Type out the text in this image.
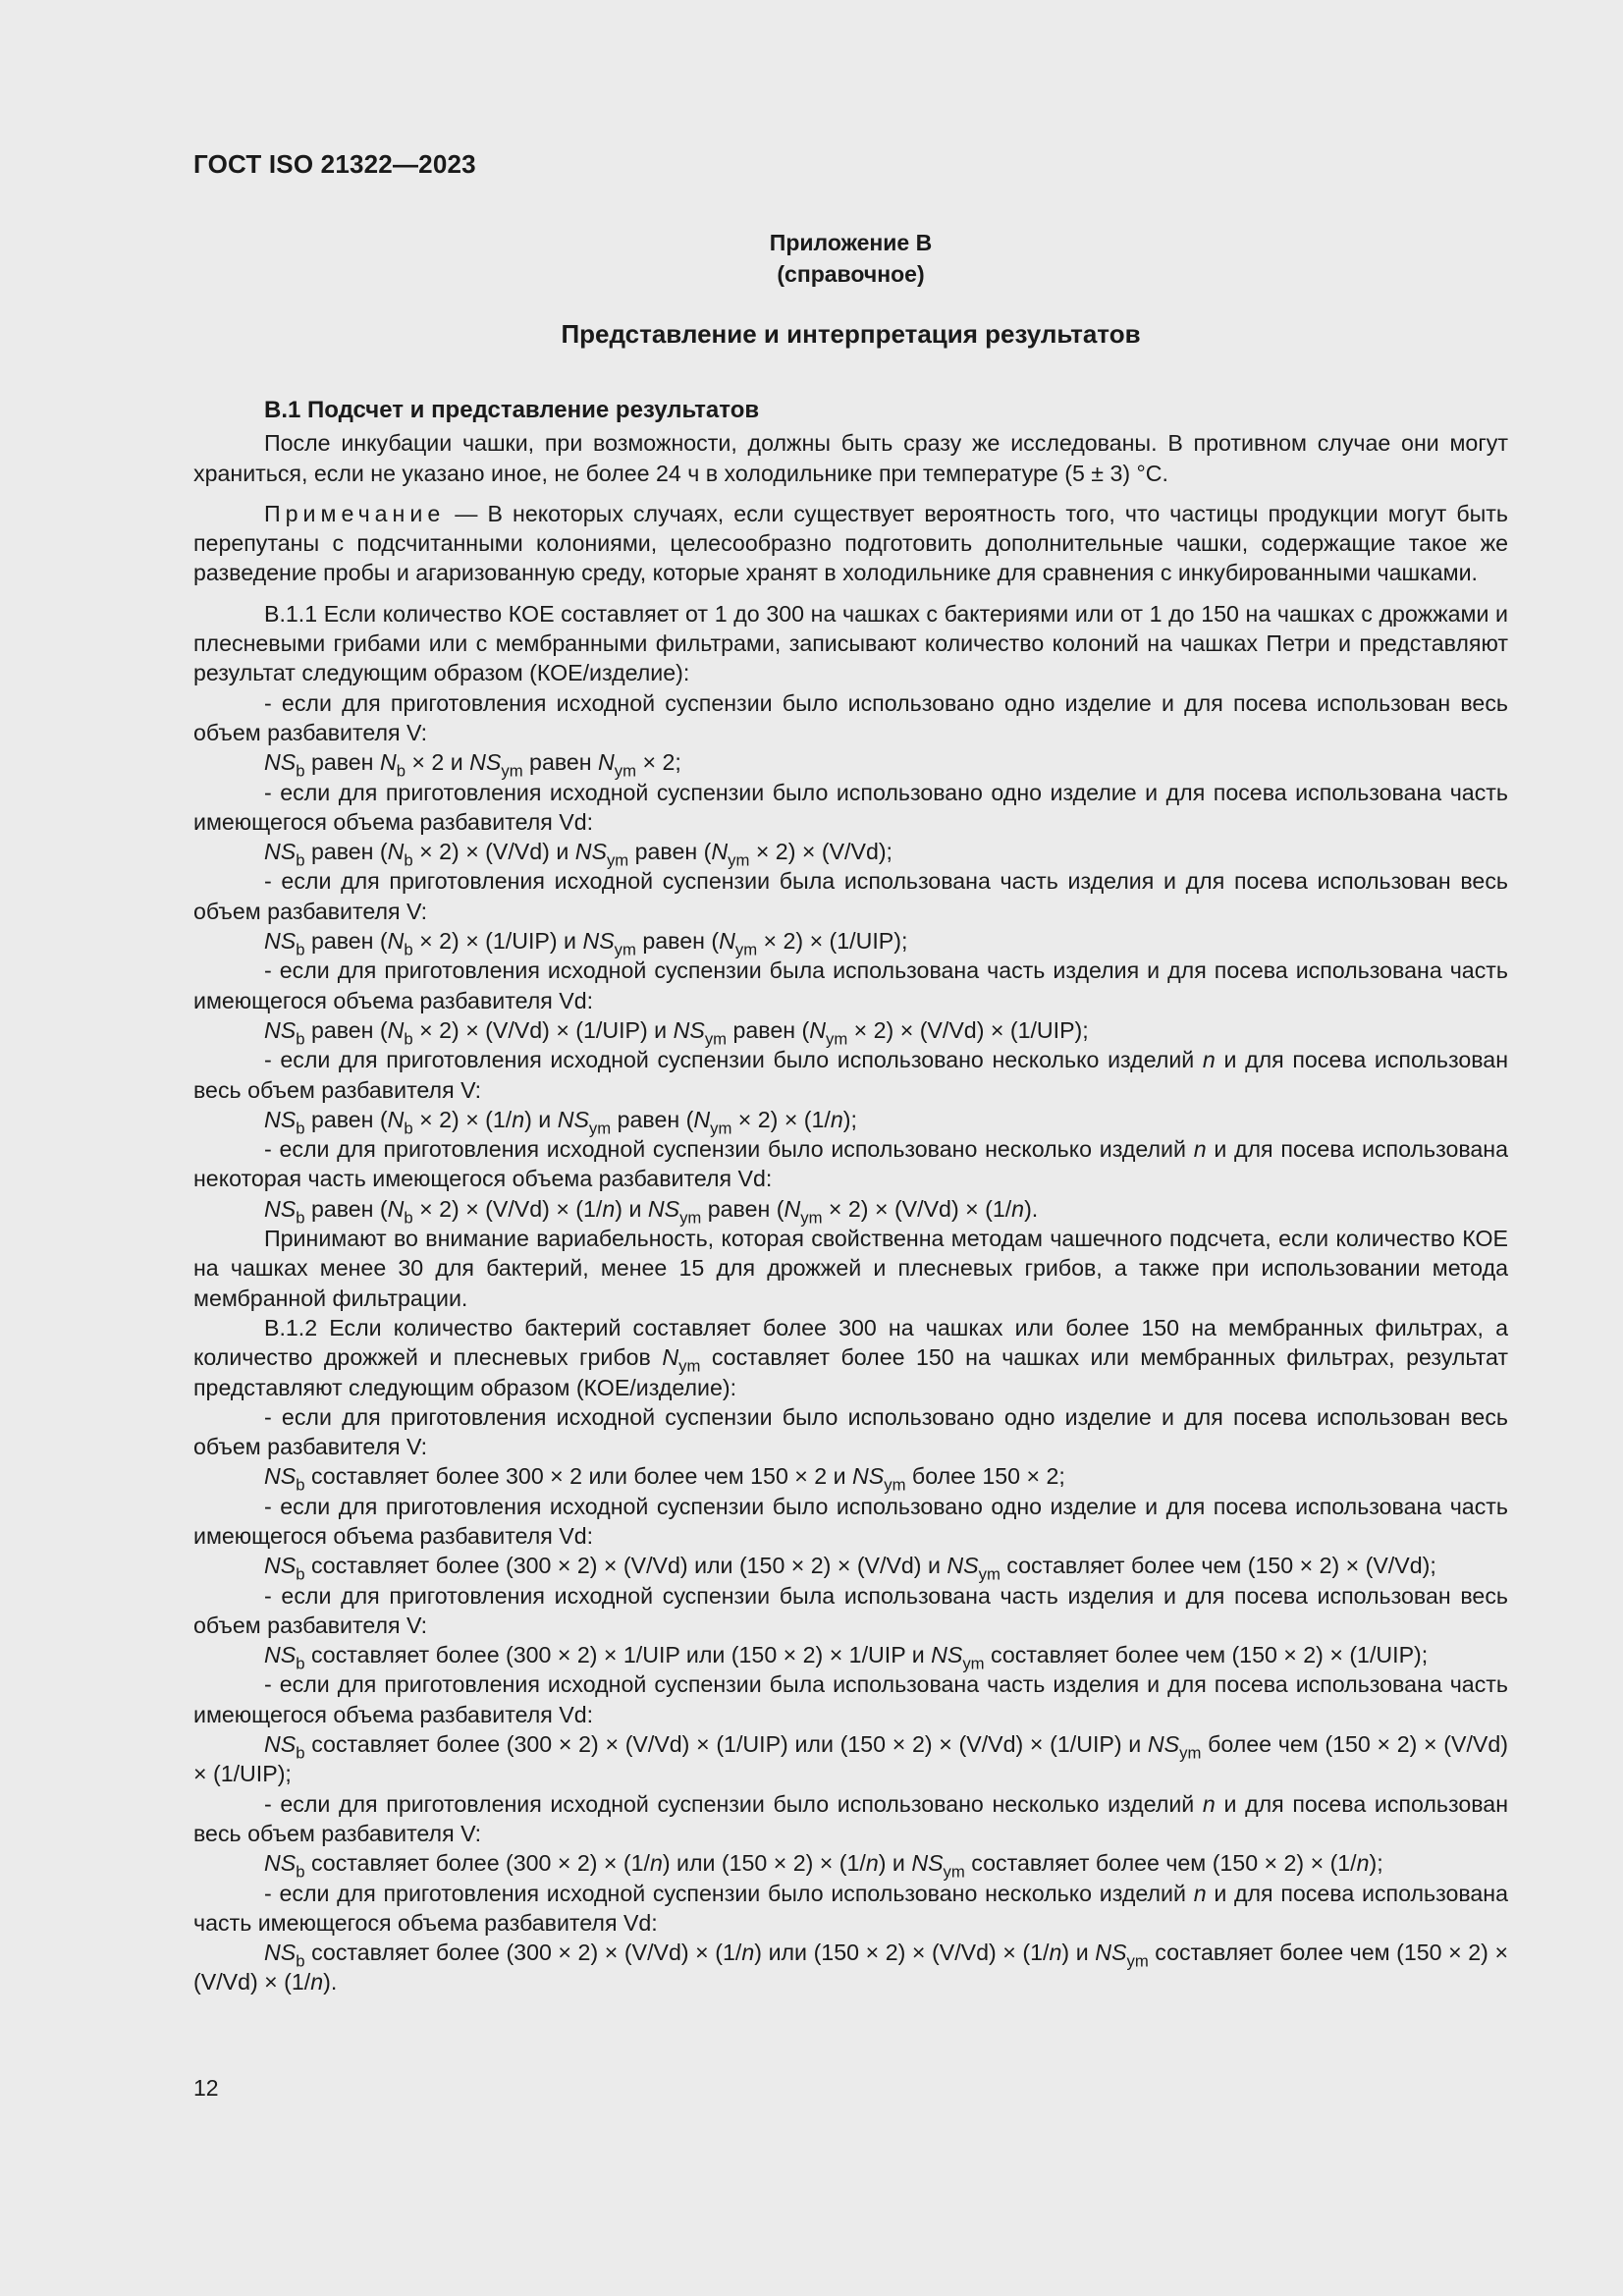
ГОСТ ISO 21322—2023
Приложение В
(справочное)
Представление и интерпретация результатов

В.1 Подсчет и представление результатов

После инкубации чашки, при возможности, должны быть сразу же исследованы. В противном случае они могут храниться, если не указано иное, не более 24 ч в холодильнике при температуре (5 ± 3) °С.

Примечание — В некоторых случаях, если существует вероятность того, что частицы продукции могут быть перепутаны с подсчитанными колониями, целесообразно подготовить дополнительные чашки, содержащие такое же разведение пробы и агаризованную среду, которые хранят в холодильнике для сравнения с инкубированными чашками.

В.1.1 Если количество КОЕ составляет от 1 до 300 на чашках с бактериями или от 1 до 150 на чашках с дрожжами и плесневыми грибами или с мембранными фильтрами, записывают количество колоний на чашках Петри и представляют результат следующим образом (КОЕ/изделие):

- если для приготовления исходной суспензии было использовано одно изделие и для посева использован весь объем разбавителя V:

$NS_b$ равен $N_b \times 2$ и $NS_{ym}$ равен $N_{ym} \times 2$;

- если для приготовления исходной суспензии было использовано одно изделие и для посева использована часть имеющегося объема разбавителя Vd:

$NS_b$ равен $(N_b \times 2) \times (V/Vd)$ и $NS_{ym}$ равен $(N_{ym} \times 2) \times (V/Vd)$;

- если для приготовления исходной суспензии была использована часть изделия и для посева использован весь объем разбавителя V:

$NS_b$ равен $(N_b \times 2) \times (1/UIP)$ и $NS_{ym}$ равен $(N_{ym} \times 2) \times (1/UIP)$;

- если для приготовления исходной суспензии была использована часть изделия и для посева использована часть имеющегося объема разбавителя Vd:

$NS_b$ равен $(N_b \times 2) \times (V/Vd) \times (1/UIP)$ и $NS_{ym}$ равен $(N_{ym} \times 2) \times (V/Vd) \times (1/UIP)$;

- если для приготовления исходной суспензии было использовано несколько изделий n и для посева использован весь объем разбавителя V:

$NS_b$ равен $(N_b \times 2) \times (1/n)$ и $NS_{ym}$ равен $(N_{ym} \times 2) \times (1/n)$;

- если для приготовления исходной суспензии было использовано несколько изделий n и для посева использована некоторая часть имеющегося объема разбавителя Vd:

$NS_b$ равен $(N_b \times 2) \times (V/Vd) \times (1/n)$ и $NS_{ym}$ равен $(N_{ym} \times 2) \times (V/Vd) \times (1/n)$.

Принимают во внимание вариабельность, которая свойственна методам чашечного подсчета, если количество КОЕ на чашках менее 30 для бактерий, менее 15 для дрожжей и плесневых грибов, а также при использовании метода мембранной фильтрации.

В.1.2 Если количество бактерий составляет более 300 на чашках или более 150 на мембранных фильтрах, а количество дрожжей и плесневых грибов $N_{ym}$ составляет более 150 на чашках или мембранных фильтрах, результат представляют следующим образом (КОЕ/изделие):

- если для приготовления исходной суспензии было использовано одно изделие и для посева использован весь объем разбавителя V:

$NS_b$ составляет более 300 × 2 или более чем 150 × 2 и $NS_{ym}$ более 150 × 2;

- если для приготовления исходной суспензии было использовано одно изделие и для посева использована часть имеющегося объема разбавителя Vd:

$NS_b$ составляет более (300 × 2) × (V/Vd) или (150 × 2) × (V/Vd) и $NS_{ym}$ составляет более чем (150 × 2) × (V/Vd);

- если для приготовления исходной суспензии была использована часть изделия и для посева использован весь объем разбавителя V:

$NS_b$ составляет более (300 × 2) × 1/UIP или (150 × 2) × 1/UIP и $NS_{ym}$ составляет более чем (150 × 2) × (1/UIP);

- если для приготовления исходной суспензии была использована часть изделия и для посева использована часть имеющегося объема разбавителя Vd:

$NS_b$ составляет более (300 × 2) × (V/Vd) × (1/UIP) или (150 × 2) × (V/Vd) × (1/UIP) и $NS_{ym}$ более чем (150 × 2) × (V/Vd) × (1/UIP);

- если для приготовления исходной суспензии было использовано несколько изделий n и для посева использован весь объем разбавителя V:

$NS_b$ составляет более (300 × 2) × (1/n) или (150 × 2) × (1/n) и $NS_{ym}$ составляет более чем (150 × 2) × (1/n);

- если для приготовления исходной суспензии было использовано несколько изделий n и для посева использована часть имеющегося объема разбавителя Vd:

$NS_b$ составляет более (300 × 2) × (V/Vd) × (1/n) или (150 × 2) × (V/Vd) × (1/n) и $NS_{ym}$ составляет более чем (150 × 2) × (V/Vd) × (1/n).

12
